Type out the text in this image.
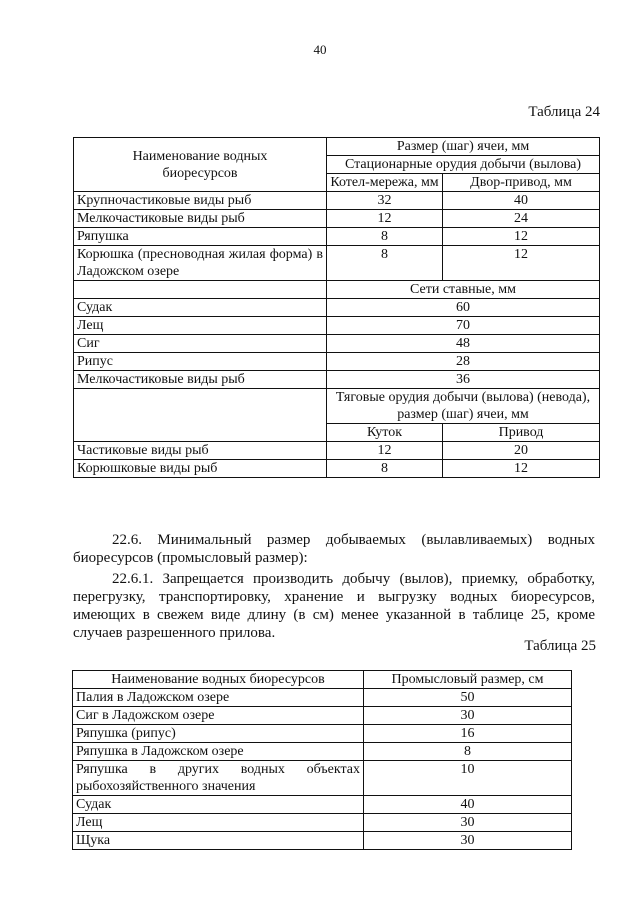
40
Таблица 24
Наименование водных биоресурсов	Размер (шаг) ячеи, мм	
	Стационарные орудия добычи (вылова)	
	Котел-мережа, мм	Двор-привод, мм
Крупночастиковые виды рыб	32	40
Мелкочастиковые виды рыб	12	24
Ряпушка	8	12
Корюшка (пресноводная жилая форма) в Ладожском озере	8	12
	Сети ставные, мм	
Судак	60	
Лещ	70	
Сиг	48	
Рипус	28	
Мелкочастиковые виды рыб	36	
	Тяговые орудия добычи (вылова) (невода), размер (шаг) ячеи, мм	
	Куток	Привод
Частиковые виды рыб	12	20
Корюшковые виды рыб	8	12
22.6. Минимальный размер добываемых (вылавливаемых) водных биоресурсов (промысловый размер):
22.6.1. Запрещается производить добычу (вылов), приемку, обработку, перегрузку, транспортировку, хранение и выгрузку водных биоресурсов, имеющих в свежем виде длину (в см) менее указанной в таблице 25, кроме случаев разрешенного прилова.
Таблица 25
Наименование водных биоресурсов	Промысловый размер, см
Палия в Ладожском озере	50
Сиг в Ладожском озере	30
Ряпушка (рипус)	16
Ряпушка в Ладожском озере	8
Ряпушка в других водных объектах рыбохозяйственного значения	10
Судак	40
Лещ	30
Щука	30
